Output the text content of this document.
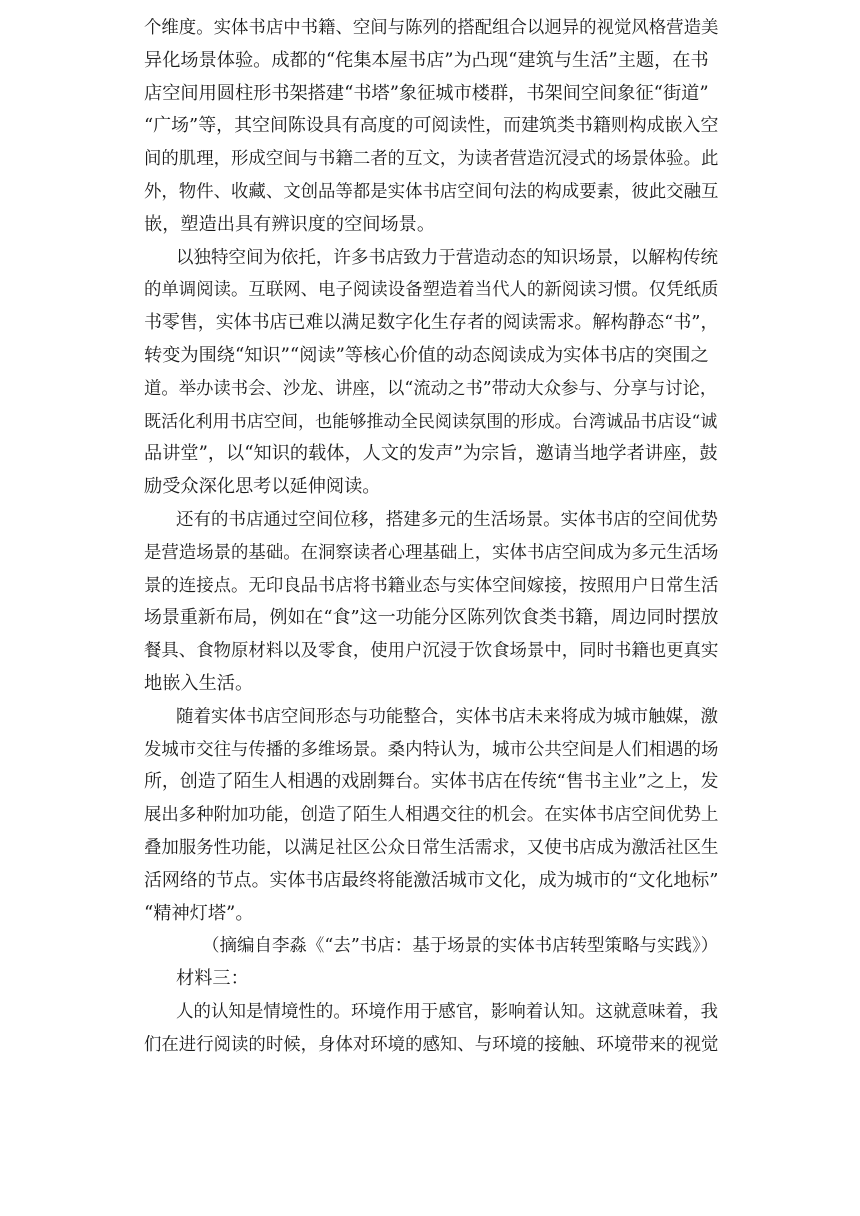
个维度。实体书店中书籍、空间与陈列的搭配组合以迥异的视觉风格营造美
异化场景体验。成都的“侘集本屋书店”为凸现“建筑与生活”主题，在书
店空间用圆柱形书架搭建“书塔”象征城市楼群，书架间空间象征“街道”
“广场”等，其空间陈设具有高度的可阅读性，而建筑类书籍则构成嵌入空
间的肌理，形成空间与书籍二者的互文，为读者营造沉浸式的场景体验。此
外，物件、收藏、文创品等都是实体书店空间句法的构成要素，彼此交融互
嵌，塑造出具有辨识度的空间场景。
以独特空间为依托，许多书店致力于营造动态的知识场景，以解构传统
的单调阅读。互联网、电子阅读设备塑造着当代人的新阅读习惯。仅凭纸质
书零售，实体书店已难以满足数字化生存者的阅读需求。解构静态“书”，
转变为围绕“知识”“阅读”等核心价值的动态阅读成为实体书店的突围之
道。举办读书会、沙龙、讲座，以“流动之书”带动大众参与、分享与讨论，
既活化利用书店空间，也能够推动全民阅读氛围的形成。台湾诚品书店设“诚
品讲堂”，以“知识的载体，人文的发声”为宗旨，邀请当地学者讲座，鼓
励受众深化思考以延伸阅读。
还有的书店通过空间位移，搭建多元的生活场景。实体书店的空间优势
是营造场景的基础。在洞察读者心理基础上，实体书店空间成为多元生活场
景的连接点。无印良品书店将书籍业态与实体空间嫁接，按照用户日常生活
场景重新布局，例如在“食”这一功能分区陈列饮食类书籍，周边同时摆放
餐具、食物原材料以及零食，使用户沉浸于饮食场景中，同时书籍也更真实
地嵌入生活。
随着实体书店空间形态与功能整合，实体书店未来将成为城市触媒，激
发城市交往与传播的多维场景。桑内特认为，城市公共空间是人们相遇的场
所，创造了陌生人相遇的戏剧舞台。实体书店在传统“售书主业”之上，发
展出多种附加功能，创造了陌生人相遇交往的机会。在实体书店空间优势上
叠加服务性功能，以满足社区公众日常生活需求，又使书店成为激活社区生
活网络的节点。实体书店最终将能激活城市文化，成为城市的“文化地标”
“精神灯塔”。
（摘编自李淼《“去”书店：基于场景的实体书店转型策略与实践》）
材料三：
人的认知是情境性的。环境作用于感官，影响着认知。这就意味着，我
们在进行阅读的时候，身体对环境的感知、与环境的接触、环境带来的视觉
